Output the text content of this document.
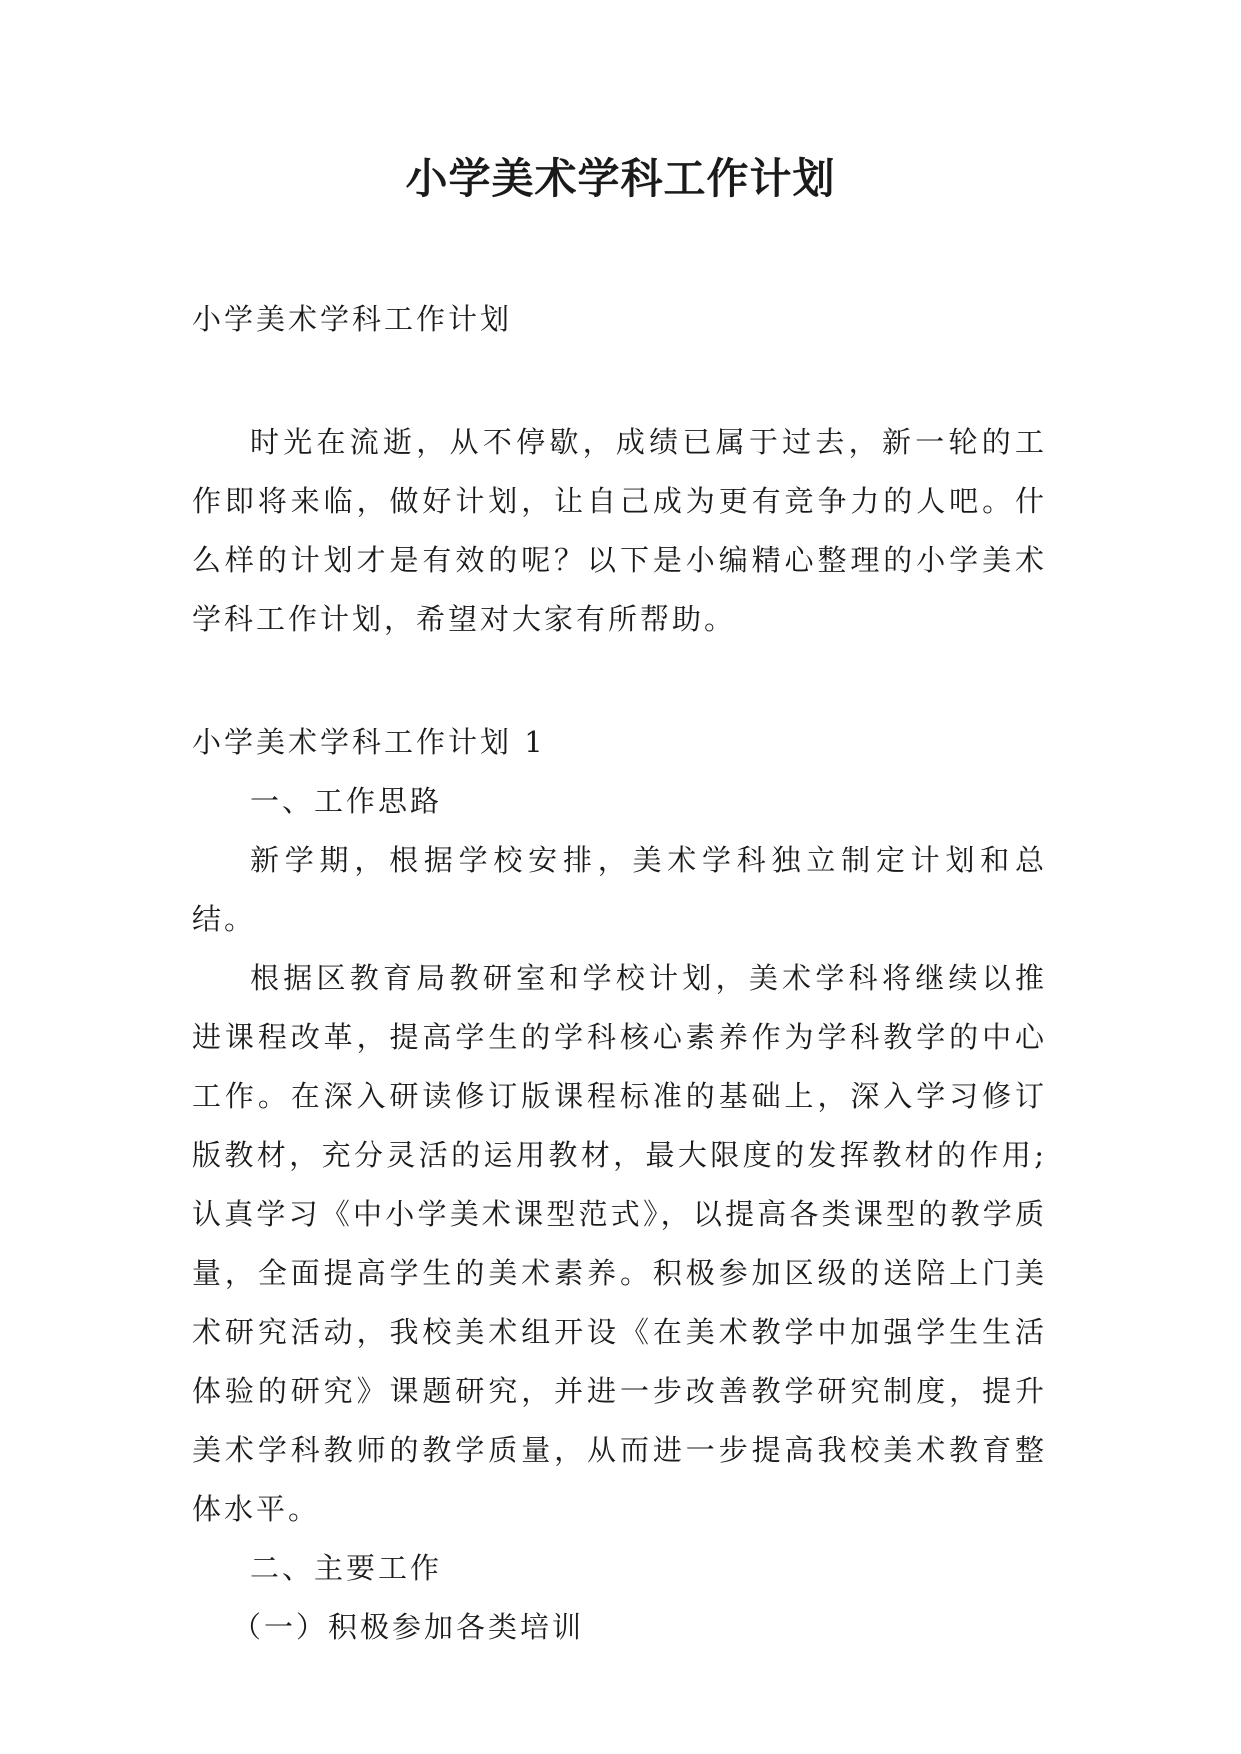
小学美术学科工作计划

小学美术学科工作计划

时光在流逝，从不停歇，成绩已属于过去，新一轮的工作即将来临，做好计划，让自己成为更有竞争力的人吧。什么样的计划才是有效的呢？以下是小编精心整理的小学美术学科工作计划，希望对大家有所帮助。

小学美术学科工作计划 1

一、工作思路

新学期，根据学校安排，美术学科独立制定计划和总结。

根据区教育局教研室和学校计划，美术学科将继续以推进课程改革，提高学生的学科核心素养作为学科教学的中心工作。在深入研读修订版课程标准的基础上，深入学习修订版教材，充分灵活的运用教材，最大限度的发挥教材的作用;认真学习《中小学美术课型范式》，以提高各类课型的教学质量，全面提高学生的美术素养。积极参加区级的送陪上门美术研究活动，我校美术组开设《在美术教学中加强学生生活体验的研究》课题研究，并进一步改善教学研究制度，提升美术学科教师的教学质量，从而进一步提高我校美术教育整体水平。

二、主要工作

（一）积极参加各类培训
